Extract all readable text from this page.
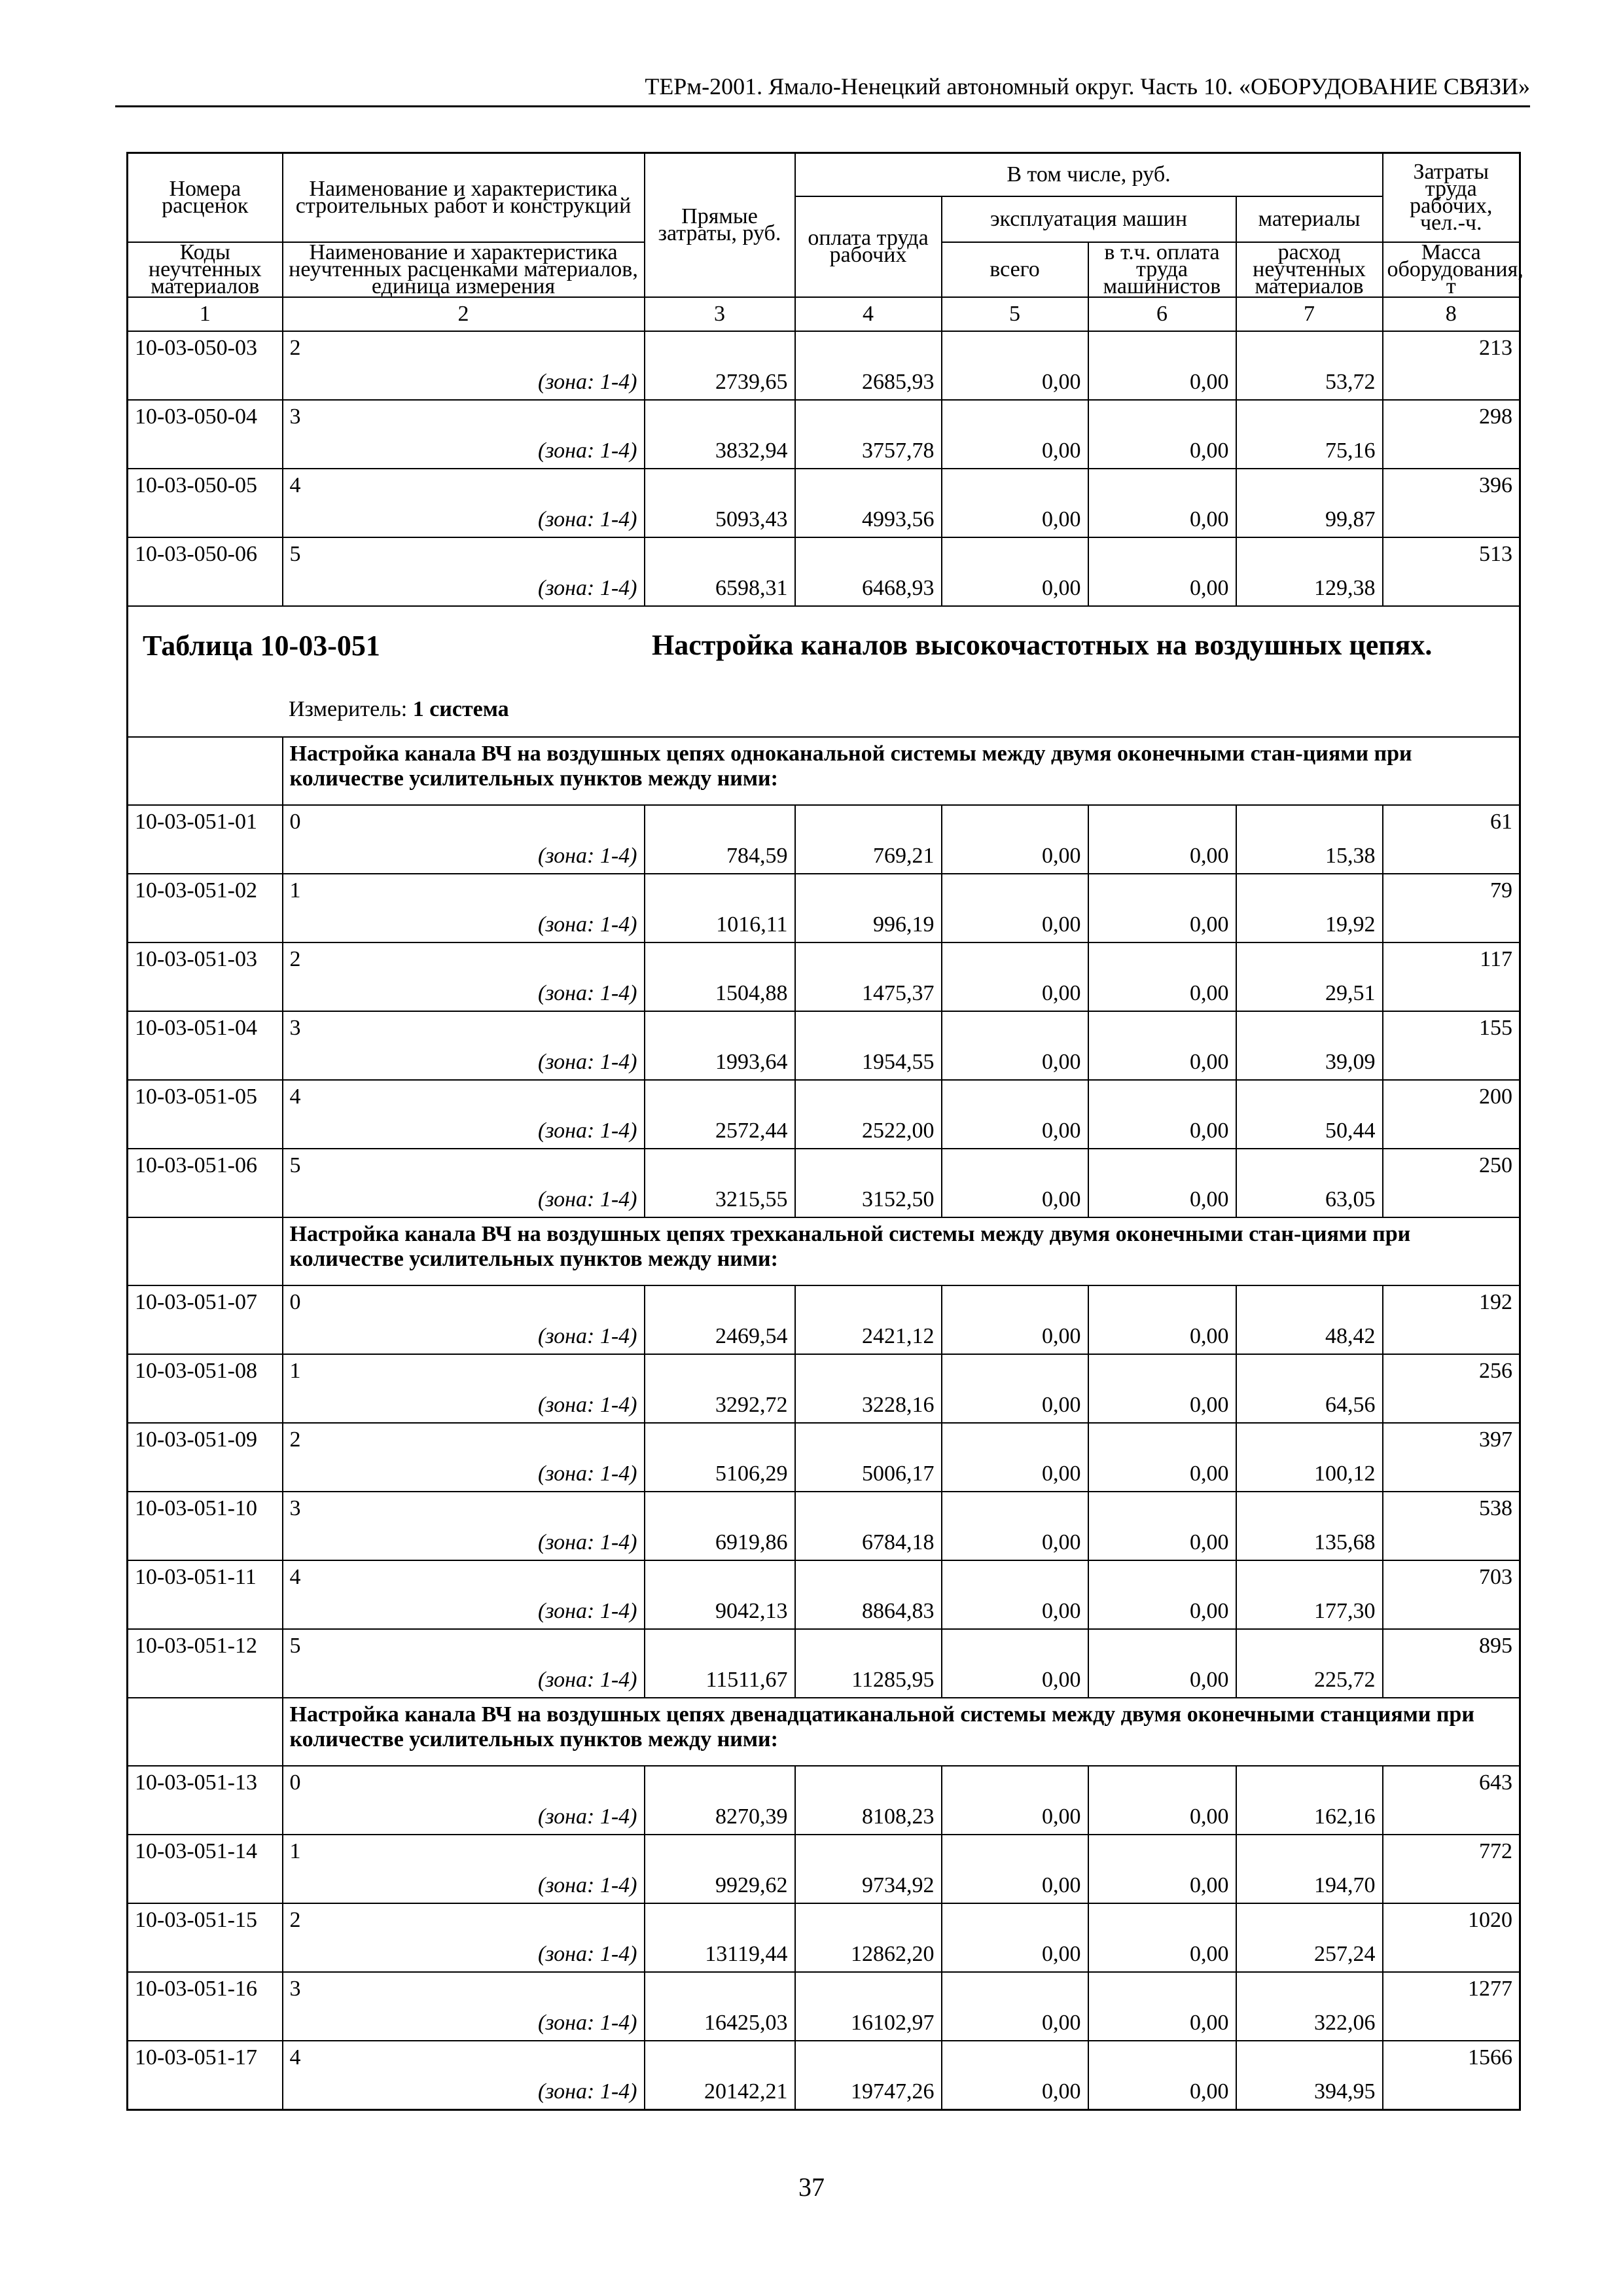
ТЕРм-2001. Ямало-Ненецкий автономный округ. Часть 10. «ОБОРУДОВАНИЕ СВЯЗИ»
Номера расценок	Наименование и характеристика строительных работ и конструкций	Прямые затраты, руб.	В том числе, руб.				Затраты труда рабочих, чел.-ч.
			оплата труда рабочих	эксплуатация машин		материалы	
Коды неучтенных материалов	Наименование и характеристика неучтенных расценками материалов, единица измерения			всего	в т.ч. оплата труда машинистов	расход неучтенных материалов	Масса оборудования, т

1	2	3	4	5	6	7	8
10-03-050-03	2						213
	(зона: 1-4)	2739,65	2685,93	0,00	0,00	53,72	
10-03-050-04	3						298
	(зона: 1-4)	3832,94	3757,78	0,00	0,00	75,16	
10-03-050-05	4						396
	(зона: 1-4)	5093,43	4993,56	0,00	0,00	99,87	
10-03-050-06	5						513
	(зона: 1-4)	6598,31	6468,93	0,00	0,00	129,38	

Таблица 10-03-051 Настройка каналов высокочастотных на воздушных цепях.
Измеритель: 1 система							

	Настройка канала ВЧ на воздушных цепях одноканальной системы между двумя оконечными стан-циями при количестве усилительных пунктов между ними:						
10-03-051-01	0						61
	(зона: 1-4)	784,59	769,21	0,00	0,00	15,38	
10-03-051-02	1						79
	(зона: 1-4)	1016,11	996,19	0,00	0,00	19,92	
10-03-051-03	2						117
	(зона: 1-4)	1504,88	1475,37	0,00	0,00	29,51	
10-03-051-04	3						155
	(зона: 1-4)	1993,64	1954,55	0,00	0,00	39,09	
10-03-051-05	4						200
	(зона: 1-4)	2572,44	2522,00	0,00	0,00	50,44	
10-03-051-06	5						250
	(зона: 1-4)	3215,55	3152,50	0,00	0,00	63,05	
	Настройка канала ВЧ на воздушных цепях трехканальной системы между двумя оконечными стан-циями при количестве усилительных пунктов между ними:						
10-03-051-07	0						192
	(зона: 1-4)	2469,54	2421,12	0,00	0,00	48,42	
10-03-051-08	1						256
	(зона: 1-4)	3292,72	3228,16	0,00	0,00	64,56	
10-03-051-09	2						397
	(зона: 1-4)	5106,29	5006,17	0,00	0,00	100,12	
10-03-051-10	3						538
	(зона: 1-4)	6919,86	6784,18	0,00	0,00	135,68	
10-03-051-11	4						703
	(зона: 1-4)	9042,13	8864,83	0,00	0,00	177,30	
10-03-051-12	5						895
	(зона: 1-4)	11511,67	11285,95	0,00	0,00	225,72	
	Настройка канала ВЧ на воздушных цепях двенадцатиканальной системы между двумя оконечными станциями при количестве усилительных пунктов между ними:						
10-03-051-13	0						643
	(зона: 1-4)	8270,39	8108,23	0,00	0,00	162,16	
10-03-051-14	1						772
	(зона: 1-4)	9929,62	9734,92	0,00	0,00	194,70	
10-03-051-15	2						1020
	(зона: 1-4)	13119,44	12862,20	0,00	0,00	257,24	
10-03-051-16	3						1277
	(зона: 1-4)	16425,03	16102,97	0,00	0,00	322,06	
10-03-051-17	4						1566
	(зона: 1-4)	20142,21	19747,26	0,00	0,00	394,95	
37
